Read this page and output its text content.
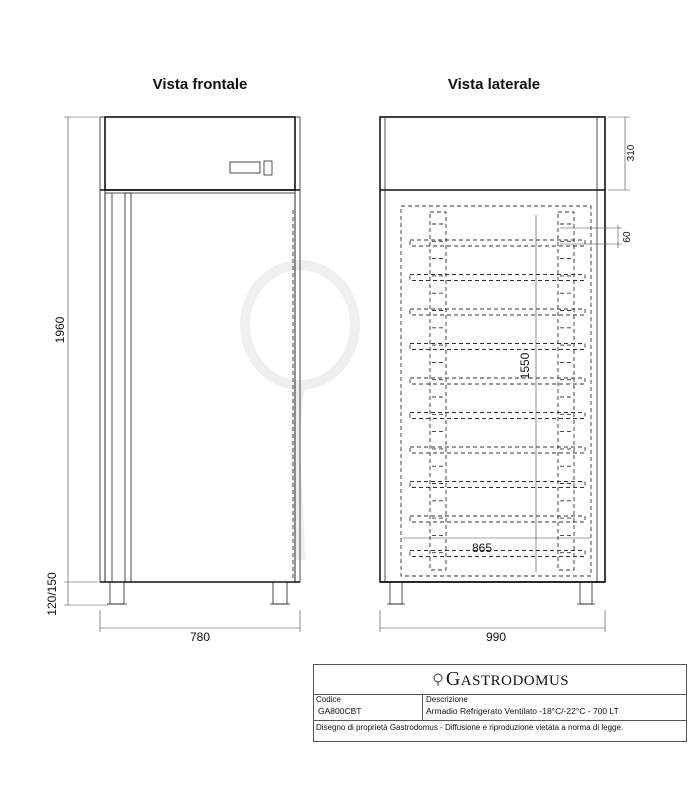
Vista frontale	Vista laterale
1960
120/150
780
310
60
1550
865
990
GASTRODOMUS
Codice
GA800CBT
Descrizione
Armadio Refrigerato Ventilato -18°C/-22°C - 700 LT
Disegno di proprietà Gastrodomus - Diffusione e riproduzione vietata a norma di legge.
